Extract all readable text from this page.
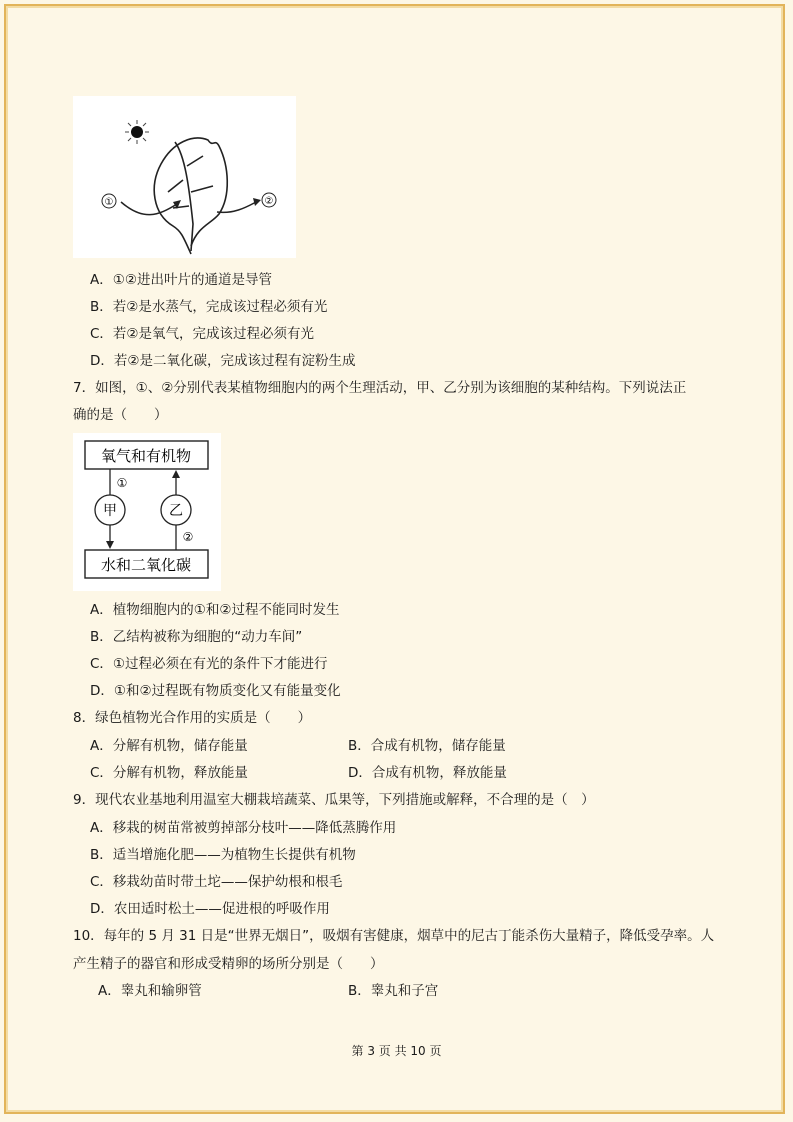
①	②
A．①②进出叶片的通道是导管
B．若②是水蒸气，完成该过程必须有光
C．若②是氧气，完成该过程必须有光
D．若②是二氧化碳，完成该过程有淀粉生成
7．如图，①、②分别代表某植物细胞内的两个生理活动，甲、乙分别为该细胞的某种结构。下列说法正
确的是（　　）
氧气和有机物
水和二氧化碳
甲
①
乙
②
A．植物细胞内的①和②过程不能同时发生
B．乙结构被称为细胞的“动力车间”
C．①过程必须在有光的条件下才能进行
D．①和②过程既有物质变化又有能量变化
8．绿色植物光合作用的实质是（　　）
A．分解有机物，储存能量	B．合成有机物，储存能量
C．分解有机物，释放能量	D．合成有机物，释放能量
9．现代农业基地利用温室大棚栽培蔬菜、瓜果等，下列措施或解释，不合理的是（　）
A．移栽的树苗常被剪掉部分枝叶——降低蒸腾作用
B．适当增施化肥——为植物生长提供有机物
C．移栽幼苗时带土坨——保护幼根和根毛
D．农田适时松土——促进根的呼吸作用
10．每年的 5 月 31 日是“世界无烟日”，吸烟有害健康，烟草中的尼古丁能杀伤大量精子，降低受孕率。人
产生精子的器官和形成受精卵的场所分别是（　　）
A．睾丸和输卵管	B．睾丸和子宫
第 3 页 共 10 页
